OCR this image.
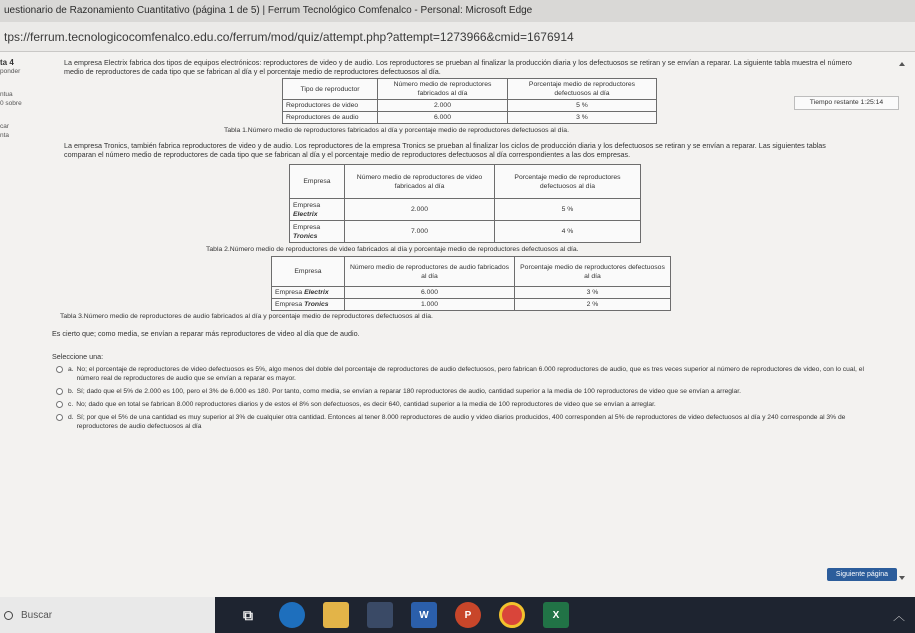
uestionario de Razonamiento Cuantitativo (página 1 de 5) | Ferrum Tecnológico Comfenalco - Personal: Microsoft Edge
tps://ferrum.tecnologicocomfenalco.edu.co/ferrum/mod/quiz/attempt.php?attempt=1273966&cmid=1676914
ta 4
ponder
ntua
0 sobre
car
nta
Tiempo restante 1:25:14
La empresa Electrix fabrica dos tipos de equipos electrónicos: reproductores de video y de audio. Los reproductores se prueban al finalizar la producción diaria y los defectuosos se retiran y se envían a reparar. La siguiente tabla muestra el número medio de reproductores de cada tipo que se fabrican al día y el porcentaje medio de reproductores defectuosos al día.
Tipo de reproductor	Número medio de reproductores fabricados al día	Porcentaje medio de reproductores defectuosos al día
Reproductores de video	2.000	5 %
Reproductores de audio	6.000	3 %
Tabla 1.Número medio de reproductores fabricados al día y porcentaje medio de reproductores defectuosos al día.
La empresa Tronics, también fabrica reproductores de video y de audio. Los reproductores de la empresa Tronics se prueban al finalizar los ciclos de producción diaria y los defectuosos se retiran y se envían a reparar. Las siguientes tablas comparan el número medio de reproductores de cada tipo que se fabrican al día y el porcentaje medio de reproductores defectuosos al día correspondientes a las dos empresas.
Empresa	Número medio de reproductores de video fabricados al día	Porcentaje medio de reproductores defectuosos al día

Empresa
Electrix	2.000	5 %

Empresa
Tronics	7.000	4 %
Tabla 2.Número medio de reproductores de video fabricados al día y porcentaje medio de reproductores defectuosos al día.
Empresa	Número medio de reproductores de audio fabricados al día	Porcentaje medio de reproductores defectuosos al día
Empresa Electrix	6.000	3 %
Empresa Tronics	1.000	2 %
Tabla 3.Número medio de reproductores de audio fabricados al día y porcentaje medio de reproductores defectuosos al día.
Es cierto que; como media, se envían a reparar más reproductores de video al día que de audio.
Seleccione una:
a. No; el porcentaje de reproductores de video defectuosos es 5%, algo menos del doble del porcentaje de reproductores de audio defectuosos, pero fabrican 6.000 reproductores de audio, que es tres veces superior al número de reproductores de video, con lo cual, el número real de reproductores de audio que se envían a reparar es mayor.
b. Sí; dado que el 5% de 2.000 es 100, pero el 3% de 6.000 es 180. Por tanto, como media, se envían a reparar 180 reproductores de audio, cantidad superior a la media de 100 reproductores de video que se envían a arreglar.
c. No; dado que en total se fabrican 8.000 reproductores diarios y de estos el 8% son defectuosos, es decir 640, cantidad superior a la media de 100 reproductores de video que se envían a arreglar.
d. Sí; por que el 5% de una cantidad es muy superior al 3% de cualquier otra cantidad. Entonces al tener 8.000 reproductores de audio y video diarios producidos, 400 corresponden al 5% de reproductores de video defectuosos al día y 240 corresponde al 3% de reproductores de audio defectuosos al día
Siguiente página
Buscar	⧉	W	P	X	︿
